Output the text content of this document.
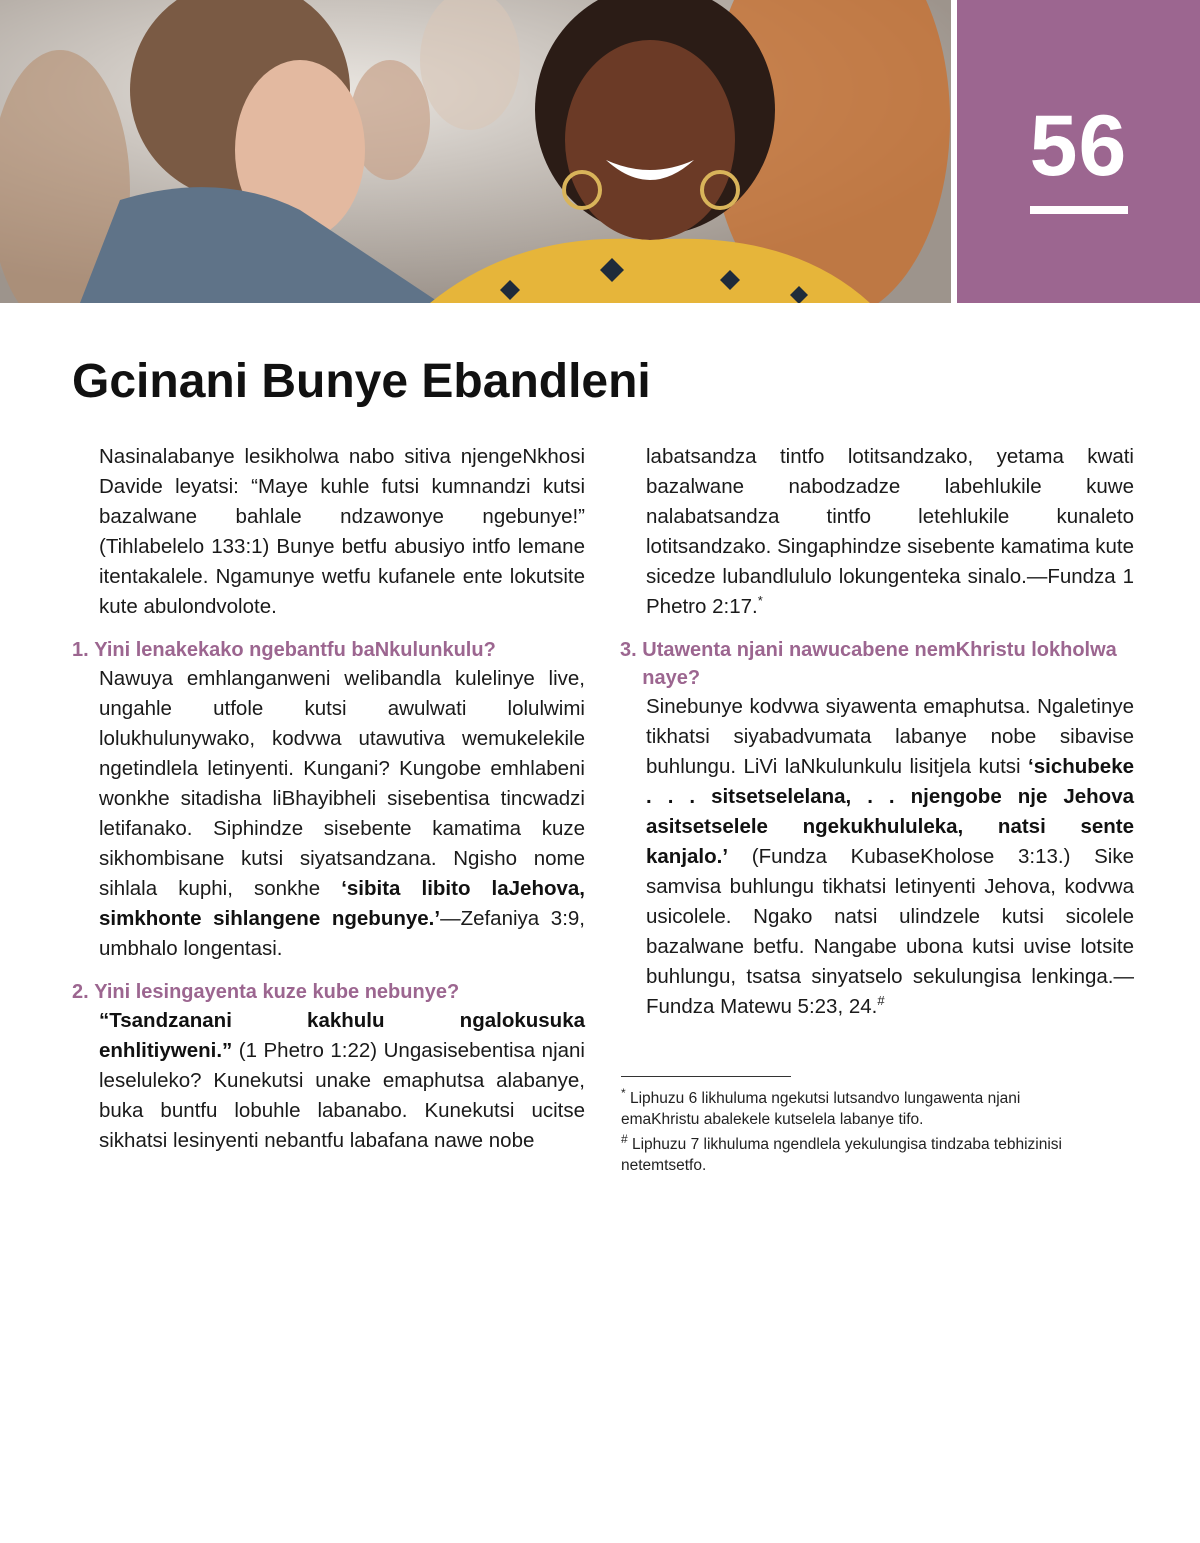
56
Gcinani Bunye Ebandleni

Nasinalabanye lesikholwa nabo sitiva njengeNkhosi Davide leyatsi: “Maye kuhle futsi kumnandzi kutsi bazalwane bahlale ndzawonye ngebunye!” (Tihlabelelo 133:1) Bunye betfu abusiyo intfo lemane itentakalele. Ngamunye wetfu kufanele ente lokutsite kute abulondvolote.

1.
Yini lenakekako ngebantfu baNkulunkulu?

Nawuya emhlanganweni welibandla kulelinye live, ungahle utfole kutsi awulwati lolulwimi lolukhulunywako, kodvwa utawutiva wemukelekile ngetindlela letinyenti. Kungani? Kungobe emhlabeni wonkhe sitadisha liBhayibheli sisebentisa tincwadzi letifanako. Siphindze sisebente kamatima kuze sikhombisane kutsi siyatsandzana. Ngisho nome sihlala kuphi, sonkhe ‘sibita libito laJehova, simkhonte sihlangene ngebunye.’—Zefaniya 3:9, umbhalo longentasi.

2.
Yini lesingayenta kuze kube nebunye?

“Tsandzanani kakhulu ngalokusuka enhlitiyweni.” (1 Phetro 1:22) Ungasisebentisa njani leseluleko? Kunekutsi unake emaphutsa alabanye, buka buntfu lobuhle labanabo. Kunekutsi ucitse sikhatsi lesinyenti nebantfu labafana nawe nobe

labatsandza tintfo lotitsandzako, yetama kwati bazalwane nabodzadze labehlukile kuwe nalabatsandza tintfo letehlukile kunaleto lotitsandzako. Singaphindze sisebente kamatima kute sicedze lubandlululo lokungenteka sinalo.—Fundza 1 Phetro 2:17.*

3.
Utawenta njani nawucabene nemKhristu lokholwa naye?

Sinebunye kodvwa siyawenta emaphutsa. Ngaletinye tikhatsi siyabadvumata labanye nobe sibavise buhlungu. LiVi laNkulunkulu lisitjela kutsi ‘sichubeke . . . sitsetselelana, . . njengobe nje Jehova asitsetselele ngekukhululeka, natsi sente kanjalo.’ (Fundza KubaseKholose 3:13.) Sike samvisa buhlungu tikhatsi letinyenti Jehova, kodvwa usicolele. Ngako natsi ulindzele kutsi sicolele bazalwane betfu. Nangabe ubona kutsi uvise lotsite buhlungu, tsatsa sinyatselo sekulungisa lenkinga.—Fundza Matewu 5:23, 24.#

* Liphuzu 6 likhuluma ngekutsi lutsandvo lungawenta njani emaKhristu abalekele kutselela labanye tifo.

# Liphuzu 7 likhuluma ngendlela yekulungisa tindzaba tebhizinisi netemtsetfo.
